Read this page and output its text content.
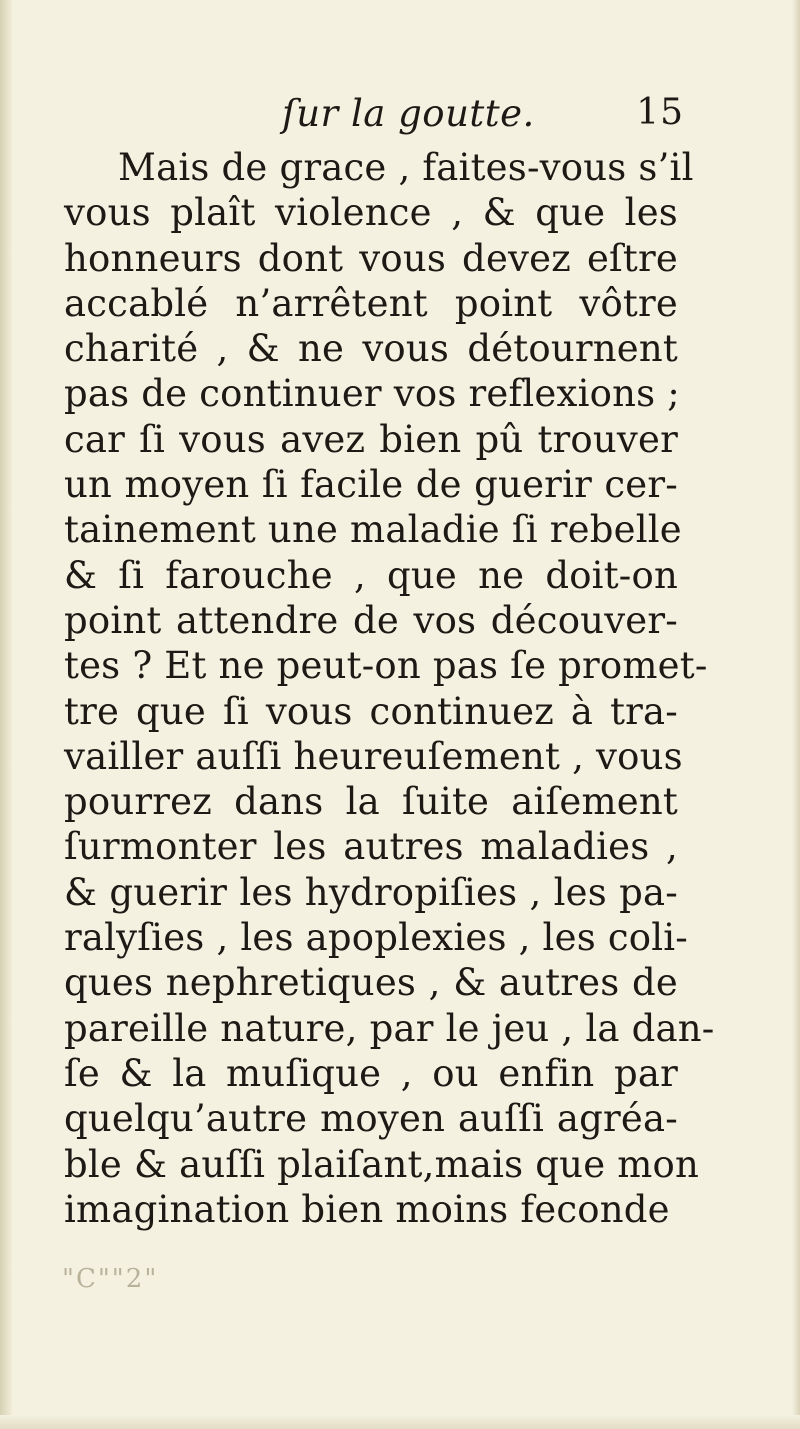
ſur la goutte.	15
Mais de grace , faites-vous s’il
vous plaît violence , & que les
honneurs dont vous devez eſtre
accablé n’arrêtent point vôtre
charité , & ne vous détournent
pas de continuer vos reflexions ;
car ſi vous avez bien pû trouver
un moyen ſi facile de guerir cer-
tainement une maladie ſi rebelle
& ſi farouche , que ne doit-on
point attendre de vos découver-
tes ? Et ne peut-on pas ſe promet-
tre que ſi vous continuez à tra-
vailler auſſi heureuſement , vous
pourrez dans la ſuite aiſement
ſurmonter les autres maladies ,
& guerir les hydropiſies , les pa-
ralyſies , les apoplexies , les coli-
ques nephretiques , & autres de
pareille nature, par le jeu , la dan-
ſe & la muſique , ou enfin par
quelqu’autre moyen auſſi agréa-
ble & auſſi plaiſant,mais que mon
imagination bien moins feconde
"C""2"
